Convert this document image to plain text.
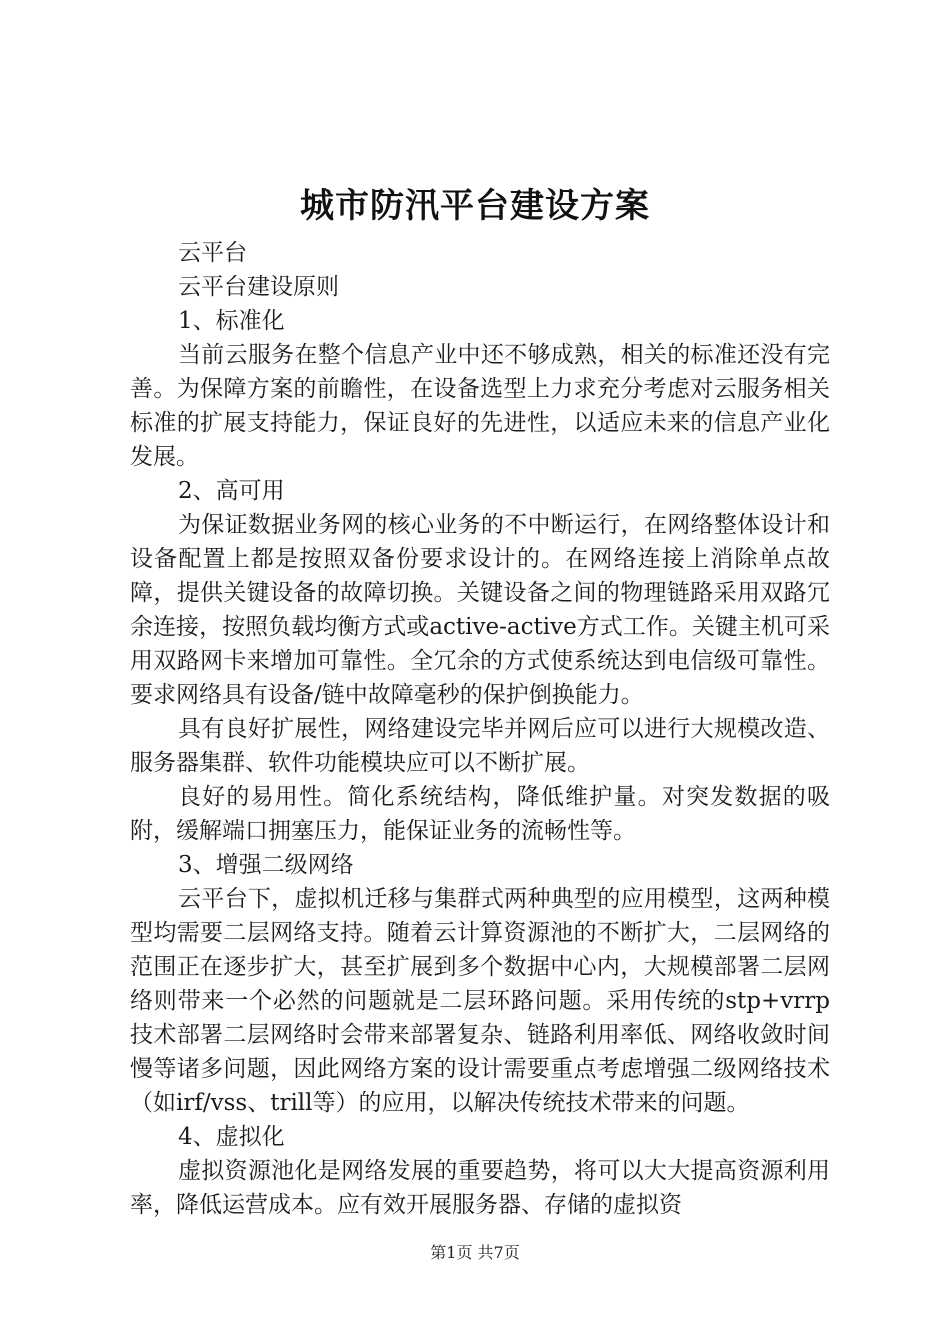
城市防汛平台建设方案

云平台

云平台建设原则

1、标准化

当前云服务在整个信息产业中还不够成熟，相关的标准还没有完善。为保障方案的前瞻性，在设备选型上力求充分考虑对云服务相关标准的扩展支持能力，保证良好的先进性，以适应未来的信息产业化发展。

2、高可用

为保证数据业务网的核心业务的不中断运行，在网络整体设计和设备配置上都是按照双备份要求设计的。在网络连接上消除单点故障，提供关键设备的故障切换。关键设备之间的物理链路采用双路冗余连接，按照负载均衡方式或active-active方式工作。关键主机可采用双路网卡来增加可靠性。全冗余的方式使系统达到电信级可靠性。要求网络具有设备/链中故障毫秒的保护倒换能力。

具有良好扩展性，网络建设完毕并网后应可以进行大规模改造、服务器集群、软件功能模块应可以不断扩展。

良好的易用性。简化系统结构，降低维护量。对突发数据的吸附，缓解端口拥塞压力，能保证业务的流畅性等。

3、增强二级网络

云平台下，虚拟机迁移与集群式两种典型的应用模型，这两种模型均需要二层网络支持。随着云计算资源池的不断扩大，二层网络的范围正在逐步扩大，甚至扩展到多个数据中心内，大规模部署二层网络则带来一个必然的问题就是二层环路问题。采用传统的stp+vrrp技术部署二层网络时会带来部署复杂、链路利用率低、网络收敛时间慢等诸多问题，因此网络方案的设计需要重点考虑增强二级网络技术（如irf/vss、trill等）的应用，以解决传统技术带来的问题。

4、虚拟化

虚拟资源池化是网络发展的重要趋势，将可以大大提高资源利用率，降低运营成本。应有效开展服务器、存储的虚拟资

第1页 共7页
